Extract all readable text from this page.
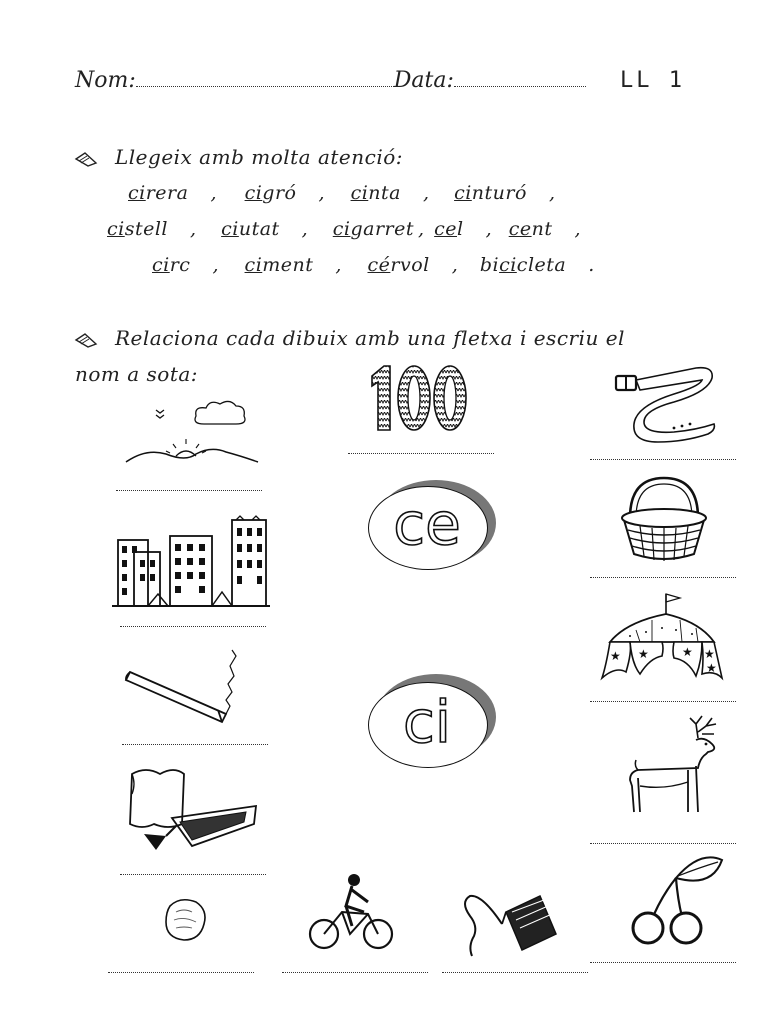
Nom:	Data:	LL 1
Llegeix amb molta atenció:
cirera , cigró , cinta , cinturó ,
cistell , ciutat , cigarret , cel , cent ,
circ , ciment , cérvol , bicicleta .
Relaciona cada dibuix amb una fletxa i escriu el
nom a sota:
ce
ci
★ ★	★ ★
★
